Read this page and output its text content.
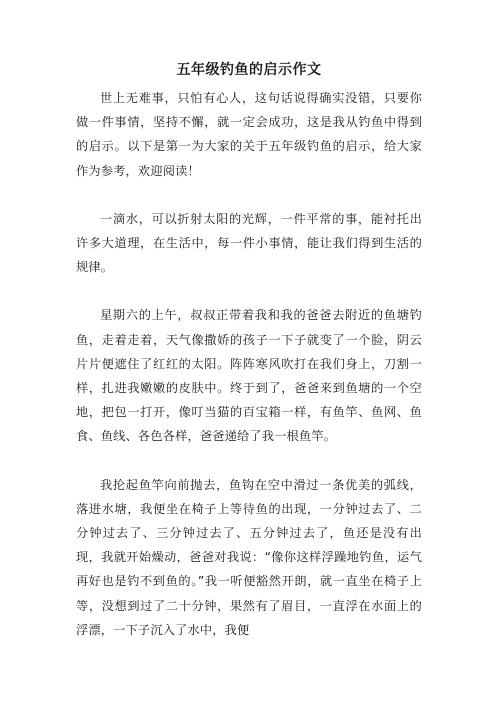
五年级钓鱼的启示作文

世上无难事，只怕有心人，这句话说得确实没错，只要你做一件事情，坚持不懈，就一定会成功，这是我从钓鱼中得到的启示。以下是第一为大家的关于五年级钓鱼的启示，给大家作为参考，欢迎阅读！

一滴水，可以折射太阳的光辉，一件平常的事，能衬托出许多大道理，在生活中，每一件小事情，能让我们得到生活的规律。

星期六的上午，叔叔正带着我和我的爸爸去附近的鱼塘钓鱼，走着走着，天气像撒娇的孩子一下子就变了一个脸，阴云片片便遮住了红红的太阳。阵阵寒风吹打在我们身上，刀割一样，扎进我嫩嫩的皮肤中。终于到了，爸爸来到鱼塘的一个空地，把包一打开，像叮当猫的百宝箱一样，有鱼竿、鱼网、鱼食、鱼线、各色各样，爸爸递给了我一根鱼竿。

我抡起鱼竿向前抛去，鱼钩在空中滑过一条优美的弧线，落进水塘，我便坐在椅子上等待鱼的出现，一分钟过去了、二分钟过去了、三分钟过去了、五分钟过去了，鱼还是没有出现，我就开始燥动，爸爸对我说：“像你这样浮躁地钓鱼，运气再好也是钓不到鱼的。”我一听便豁然开朗，就一直坐在椅子上等，没想到过了二十分钟，果然有了眉目，一直浮在水面上的浮漂，一下子沉入了水中，我便
